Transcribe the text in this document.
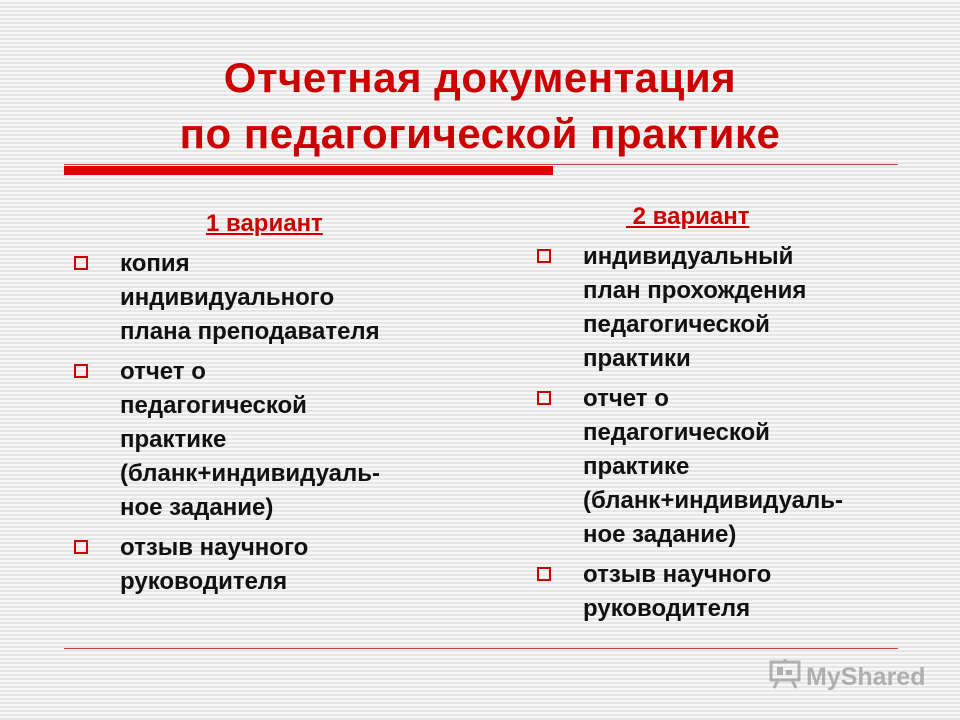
Отчетная документация
по педагогической практике
1 вариант
копия
индивидуального
плана преподавателя
отчет о
педагогической
практике
(бланк+индивидуаль-
ное задание)
отзыв научного
руководителя
2 вариант
индивидуальный
план прохождения
педагогической
практики
отчет о
педагогической
практике
(бланк+индивидуаль-
ное задание)
отзыв научного
руководителя
MyShared
